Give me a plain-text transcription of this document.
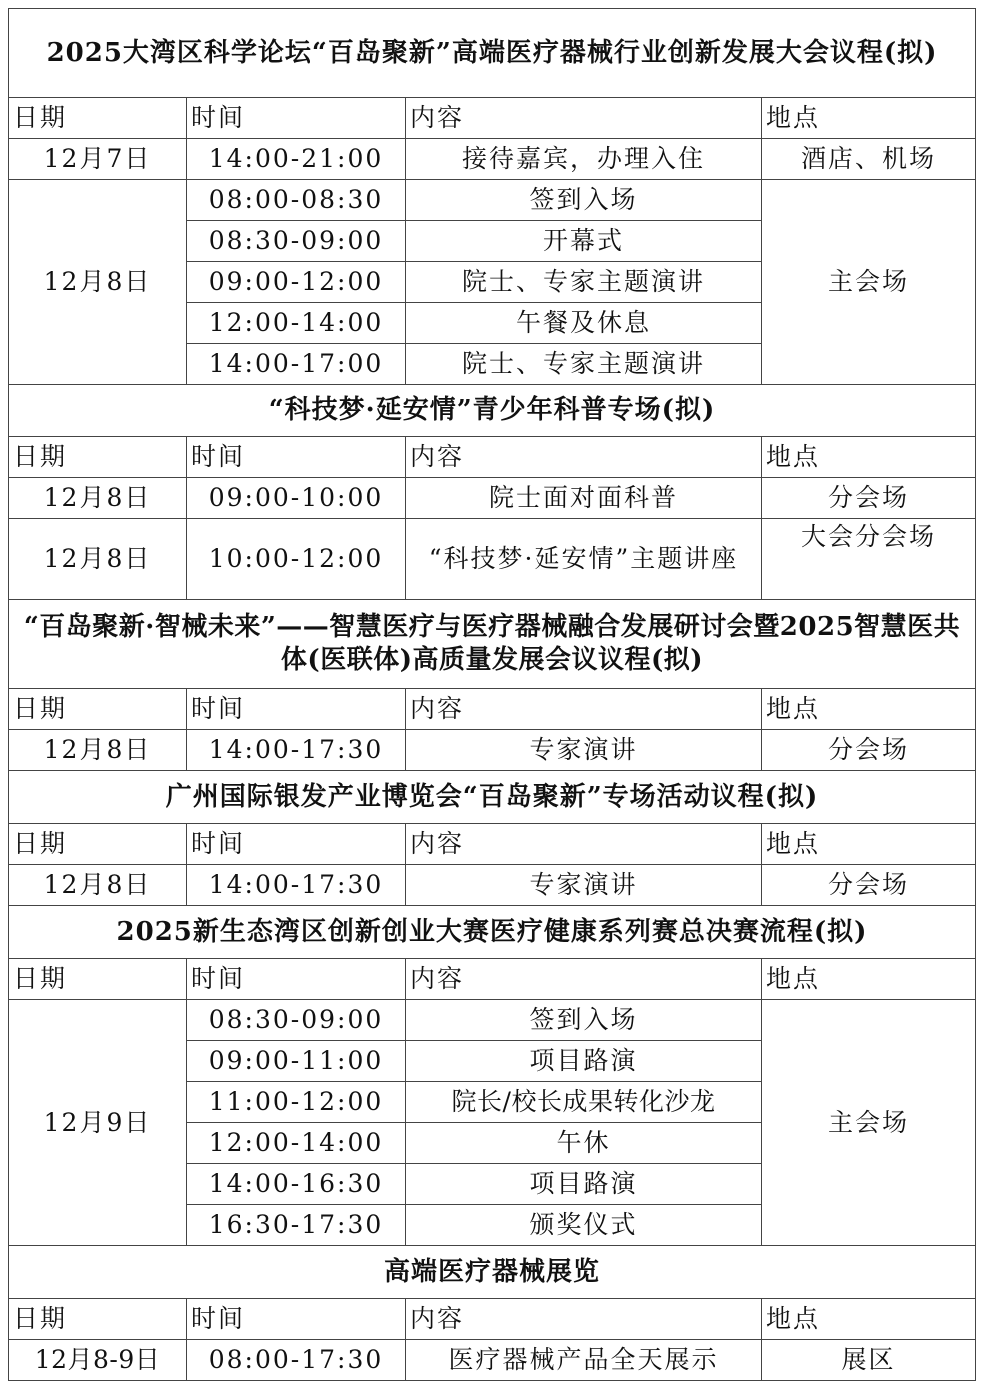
2025大湾区科学论坛“百岛聚新”高端医疗器械行业创新发展大会议程(拟)			
日期	时间	内容	地点
12月7日	14:00-21:00	接待嘉宾，办理入住	酒店、机场
12月8日	08:00-08:30	签到入场	主会场
	08:30-09:00	开幕式	
	09:00-12:00	院士、专家主题演讲	
	12:00-14:00	午餐及休息	
	14:00-17:00	院士、专家主题演讲	
“科技梦·延安情”青少年科普专场(拟)			
日期	时间	内容	地点
12月8日	09:00-10:00	院士面对面科普	分会场
12月8日	10:00-12:00	“科技梦·延安情”主题讲座	大会分会场
“百岛聚新·智械未来”——智慧医疗与医疗器械融合发展研讨会暨2025智慧医共体(医联体)高质量发展会议议程(拟)			
日期	时间	内容	地点
12月8日	14:00-17:30	专家演讲	分会场
广州国际银发产业博览会“百岛聚新”专场活动议程(拟)			
日期	时间	内容	地点
12月8日	14:00-17:30	专家演讲	分会场
2025新生态湾区创新创业大赛医疗健康系列赛总决赛流程(拟)			
日期	时间	内容	地点
12月9日	08:30-09:00	签到入场	主会场
	09:00-11:00	项目路演	
	11:00-12:00	院长/校长成果转化沙龙	
	12:00-14:00	午休	
	14:00-16:30	项目路演	
	16:30-17:30	颁奖仪式	
高端医疗器械展览			
日期	时间	内容	地点
12月8-9日	08:00-17:30	医疗器械产品全天展示	展区
